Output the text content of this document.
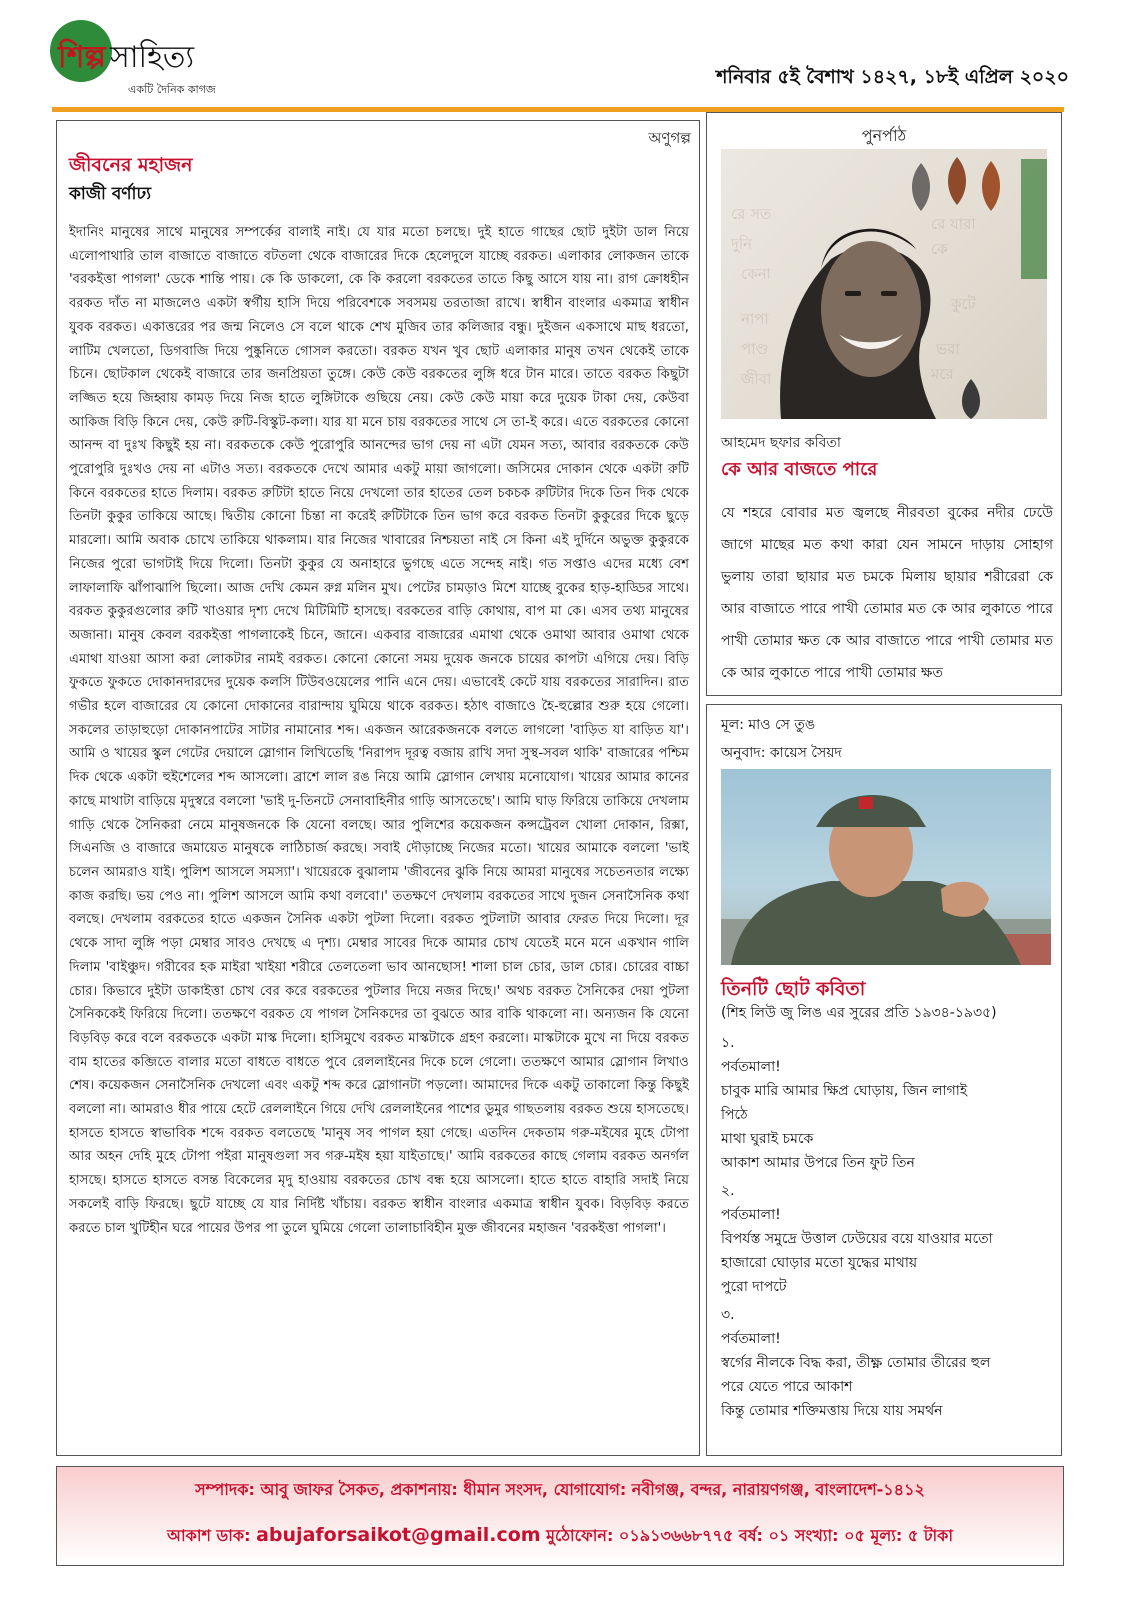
শিল্প সাহিত্য
একটি দৈনিক কাগজ
শনিবার ৫ই বৈশাখ ১৪২৭, ১৮ই এপ্রিল ২০২০
অণুগল্প
জীবনের মহাজন
কাজী বর্ণাঢ্য
ইদানিং মানুষের সাথে মানুষের সম্পর্কের বালাই নাই। যে যার মতো চলছে। দুই হাতে গাছের ছোট দুইটা ডাল নিয়ে এলোপাথারি তাল বাজাতে বাজাতে বটতলা থেকে বাজারের দিকে হেলেদুলে যাচ্ছে বরকত। এলাকার লোকজন তাকে 'বরকইত্তা পাগলা' ডেকে শান্তি পায়। কে কি ডাকলো, কে কি করলো বরকতের তাতে কিছু আসে যায় না। রাগ ক্রোধহীন বরকত দাঁত না মাজলেও একটা স্বর্গীয় হাসি দিয়ে পরিবেশকে সবসময় তরতাজা রাখে। স্বাধীন বাংলার একমাত্র স্বাধীন যুবক বরকত। একাত্তরের পর জন্ম নিলেও সে বলে থাকে শেখ মুজিব তার কলিজার বন্ধু। দুইজন একসাথে মাছ ধরতো, লাটিম খেলতো, ডিগবাজি দিয়ে পুষ্কুনিতে গোসল করতো। বরকত যখন খুব ছোট এলাকার মানুষ তখন থেকেই তাকে চিনে। ছোটকাল থেকেই বাজারে তার জনপ্রিয়তা তুঙ্গে। কেউ কেউ বরকতের লুঙ্গি ধরে টান মারে। তাতে বরকত কিছুটা লজ্জিত হয়ে জিহ্বায় কামড় দিয়ে নিজ হাতে লুঙ্গিটাকে গুছিয়ে নেয়। কেউ কেউ মায়া করে দুয়েক টাকা দেয়, কেউবা আকিজ বিড়ি কিনে দেয়, কেউ রুটি-বিস্কুট-কলা। যার যা মনে চায় বরকতের সাথে সে তা-ই করে। এতে বরকতের কোনো আনন্দ বা দুঃখ কিছুই হয় না। বরকতকে কেউ পুরোপুরি আনন্দের ভাগ দেয় না এটা যেমন সত্য, আবার বরকতকে কেউ পুরোপুরি দুঃখও দেয় না এটাও সত্য। বরকতকে দেখে আমার একটু মায়া জাগলো। জসিমের দোকান থেকে একটা রুটি কিনে বরকতের হাতে দিলাম। বরকত রুটিটা হাতে নিয়ে দেখলো তার হাতের তেল চকচক রুটিটার দিকে তিন দিক থেকে তিনটা কুকুর তাকিয়ে আছে। দ্বিতীয় কোনো চিন্তা না করেই রুটিটাকে তিন ভাগ করে বরকত তিনটা কুকুরের দিকে ছুড়ে মারলো। আমি অবাক চোখে তাকিয়ে থাকলাম। যার নিজের খাবারের নিশ্চয়তা নাই সে কিনা এই দুর্দিনে অভুক্ত কুকুরকে নিজের পুরো ভাগটাই দিয়ে দিলো। তিনটা কুকুর যে অনাহারে ভুগছে এতে সন্দেহ নাই। গত সপ্তাও এদের মধ্যে বেশ লাফালাফি ঝাঁপাঝাপি ছিলো। আজ দেখি কেমন রুগ্ন মলিন মুখ। পেটের চামড়াও মিশে যাচ্ছে বুকের হাড়-হাড্ডির সাথে। বরকত কুকুরগুলোর রুটি খাওয়ার দৃশ্য দেখে মিটিমিটি হাসছে। বরকতের বাড়ি কোথায়, বাপ মা কে। এসব তথ্য মানুষের অজানা। মানুষ কেবল বরকইত্তা পাগলাকেই চিনে, জানে। একবার বাজারের এমাথা থেকে ওমাথা আবার ওমাথা থেকে এমাথা যাওয়া আসা করা লোকটার নামই বরকত। কোনো কোনো সময় দুয়েক জনকে চায়ের কাপটা এগিয়ে দেয়। বিড়ি ফুকতে ফুকতে দোকানদারদের দুয়েক কলসি টিউবওয়েলের পানি এনে দেয়। এভাবেই কেটে যায় বরকতের সারাদিন। রাত গভীর হলে বাজারের যে কোনো দোকানের বারান্দায় ঘুমিয়ে থাকে বরকত। হঠাৎ বাজাওে হৈ-হুল্লোর শুরু হয়ে গেলো। সকলের তাড়াহুড়ো দোকানপাটের সাটার নামানোর শব্দ। একজন আরেকজনকে বলতে লাগলো 'বাড়িত যা বাড়িত যা'। আমি ও খায়ের স্কুল গেটের দেয়ালে স্লোগান লিখিতেছি 'নিরাপদ দূরত্ব বজায় রাখি সদা সুস্থ-সবল থাকি' বাজারের পশ্চিম দিক থেকে একটা হুইশেলের শব্দ আসলো। ব্রাশে লাল রঙ নিয়ে আমি স্লোগান লেখায় মনোযোগ। খায়ের আমার কানের কাছে মাথাটা বাড়িয়ে মৃদুস্বরে বললো 'ভাই দু-তিনটে সেনাবাহিনীর গাড়ি আসতেছে'। আমি ঘাড় ফিরিয়ে তাকিয়ে দেখলাম গাড়ি থেকে সৈনিকরা নেমে মানুষজনকে কি যেনো বলছে। আর পুলিশের কয়েকজন কন্সট্রেবল খোলা দোকান, রিক্সা, সিএনজি ও বাজারে জমায়েত মানুষকে লাঠিচার্জ করছে। সবাই দৌড়াচ্ছে নিজের মতো। খায়ের আমাকে বললো 'ভাই চলেন আমরাও যাই। পুলিশ আসলে সমস্যা'। খায়েরকে বুঝালাম 'জীবনের ঝুকি নিয়ে আমরা মানুষের সচেতনতার লক্ষ্যে কাজ করছি। ভয় পেও না। পুলিশ আসলে আমি কথা বলবো।' ততক্ষণে দেখলাম বরকতের সাথে দুজন সেনাসৈনিক কথা বলছে। দেখলাম বরকতের হাতে একজন সৈনিক একটা পুটলা দিলো। বরকত পুটলাটা আবার ফেরত দিয়ে দিলো। দূর থেকে সাদা লুঙ্গি পড়া মেম্বার সাবও দেখছে এ দৃশ্য। মেম্বার সাবের দিকে আমার চোখ যেতেই মনে মনে একখান গালি দিলাম 'বাইঞ্চুদ। গরীবের হক মাইরা খাইয়া শরীরে তেলতেলা ভাব আনছোস! শালা চাল চোর, ডাল চোর। চোরের বাচ্চা চোর। কিভাবে দুইটা ডাকাইত্তা চোখ বের করে বরকতের পুটলার দিয়ে নজর দিছে।' অথচ বরকত সৈনিকের দেয়া পুটলা সৈনিককেই ফিরিয়ে দিলো। ততক্ষণে বরকত যে পাগল সৈনিকদের তা বুঝতে আর বাকি থাকলো না। অন্যজন কি যেনো বিড়বিড় করে বলে বরকতকে একটা মাস্ক দিলো। হাসিমুখে বরকত মাস্কটাকে গ্রহণ করলো। মাস্কটাকে মুখে না দিয়ে বরকত বাম হাতের কব্জিতে বালার মতো বাধতে বাধতে পুবে রেললাইনের দিকে চলে গেলো। ততক্ষণে আমার স্লোগান লিখাও শেষ। কয়েকজন সেনাসৈনিক দেখলো এবং একটু শব্দ করে স্লোগানটা পড়লো। আমাদের দিকে একটু তাকালো কিন্তু কিছুই বললো না। আমরাও ধীর পায়ে হেটে রেললাইনে গিয়ে দেখি রেললাইনের পাশের ডুমুর গাছতলায় বরকত শুয়ে হাসতেছে। হাসতে হাসতে স্বাভাবিক শব্দে বরকত বলতেছে 'মানুষ সব পাগল হয়া গেছে। এতদিন দেকতাম গরু-মইষের মুহে টোপা আর অহন দেহি মুহে টোপা পইরা মানুষগুলা সব গরু-মইষ হয়া যাইতাছে।' আমি বরকতের কাছে গেলাম বরকত অনর্গল হাসছে। হাসতে হাসতে বসন্ত বিকেলের মৃদু হাওয়ায় বরকতের চোখ বন্ধ হয়ে আসলো। হাতে হাতে বাহারি সদাই নিয়ে সকলেই বাড়ি ফিরছে। ছুটে যাচ্ছে যে যার নির্দিষ্ট খাঁচায়। বরকত স্বাধীন বাংলার একমাত্র স্বাধীন যুবক। বিড়বিড় করতে করতে চাল খুটিহীন ঘরে পায়ের উপর পা তুলে ঘুমিয়ে গেলো তালাচাবিহীন মুক্ত জীবনের মহাজন 'বরকইত্তা পাগলা'।
পুনর্পাঠ
রে সত
দুনি
কেনা
নাপা
পাণ্ড
জীবা
রে যারা
কে
কুটে
ভরা
মরে
আহমেদ ছফার কবিতা
কে আর বাজতে পারে
যে শহরে বোবার মত জ্বলছে নীরবতা বুকের নদীর ঢেউে জাগে মাছের মত কথা কারা যেন সামনে দাড়ায় সোহাগ ভুলায় তারা ছায়ার মত চমকে মিলায় ছায়ার শরীরেরা কে আর বাজাতে পারে পাখী তোমার মত কে আর লুকাতে পারে পাখী তোমার ক্ষত কে আর বাজাতে পারে পাখী তোমার মত কে আর লুকাতে পারে পাখী তোমার ক্ষত
মূল: মাও সে তুঙ
অনুবাদ: কায়েস সৈয়দ
তিনটি ছোট কবিতা
(শিহ লিউ জু লিঙ এর সুরের প্রতি ১৯৩৪-১৯৩৫)
১.
পর্বতমালা!
চাবুক মারি আমার ক্ষিপ্র ঘোড়ায়, জিন লাগাই
পিঠে
মাথা ঘুরাই চমকে
আকাশ আমার উপরে তিন ফুট তিন
২.
পর্বতমালা!
বিপর্যস্ত সমুদ্রে উত্তাল ঢেউয়ের বয়ে যাওয়ার মতো
হাজারো ঘোড়ার মতো যুদ্ধের মাথায়
পুরো দাপটে
৩.
পর্বতমালা!
স্বর্গের নীলকে বিদ্ধ করা, তীক্ষ্ণ তোমার তীরের হুল
পরে যেতে পারে আকাশ
কিন্তু তোমার শক্তিমত্তায় দিয়ে যায় সমর্থন
সম্পাদক: আবু জাফর সৈকত, প্রকাশনায়: ধীমান সংসদ, যোগাযোগ: নবীগঞ্জ, বন্দর, নারায়ণগঞ্জ, বাংলাদেশ-১৪১২
আকাশ ডাক: abujaforsaikot@gmail.com মুঠোফোন: ০১৯১৩৬৬৮৭৭৫ বর্ষ: ০১ সংখ্যা: ০৫ মূল্য: ৫ টাকা
